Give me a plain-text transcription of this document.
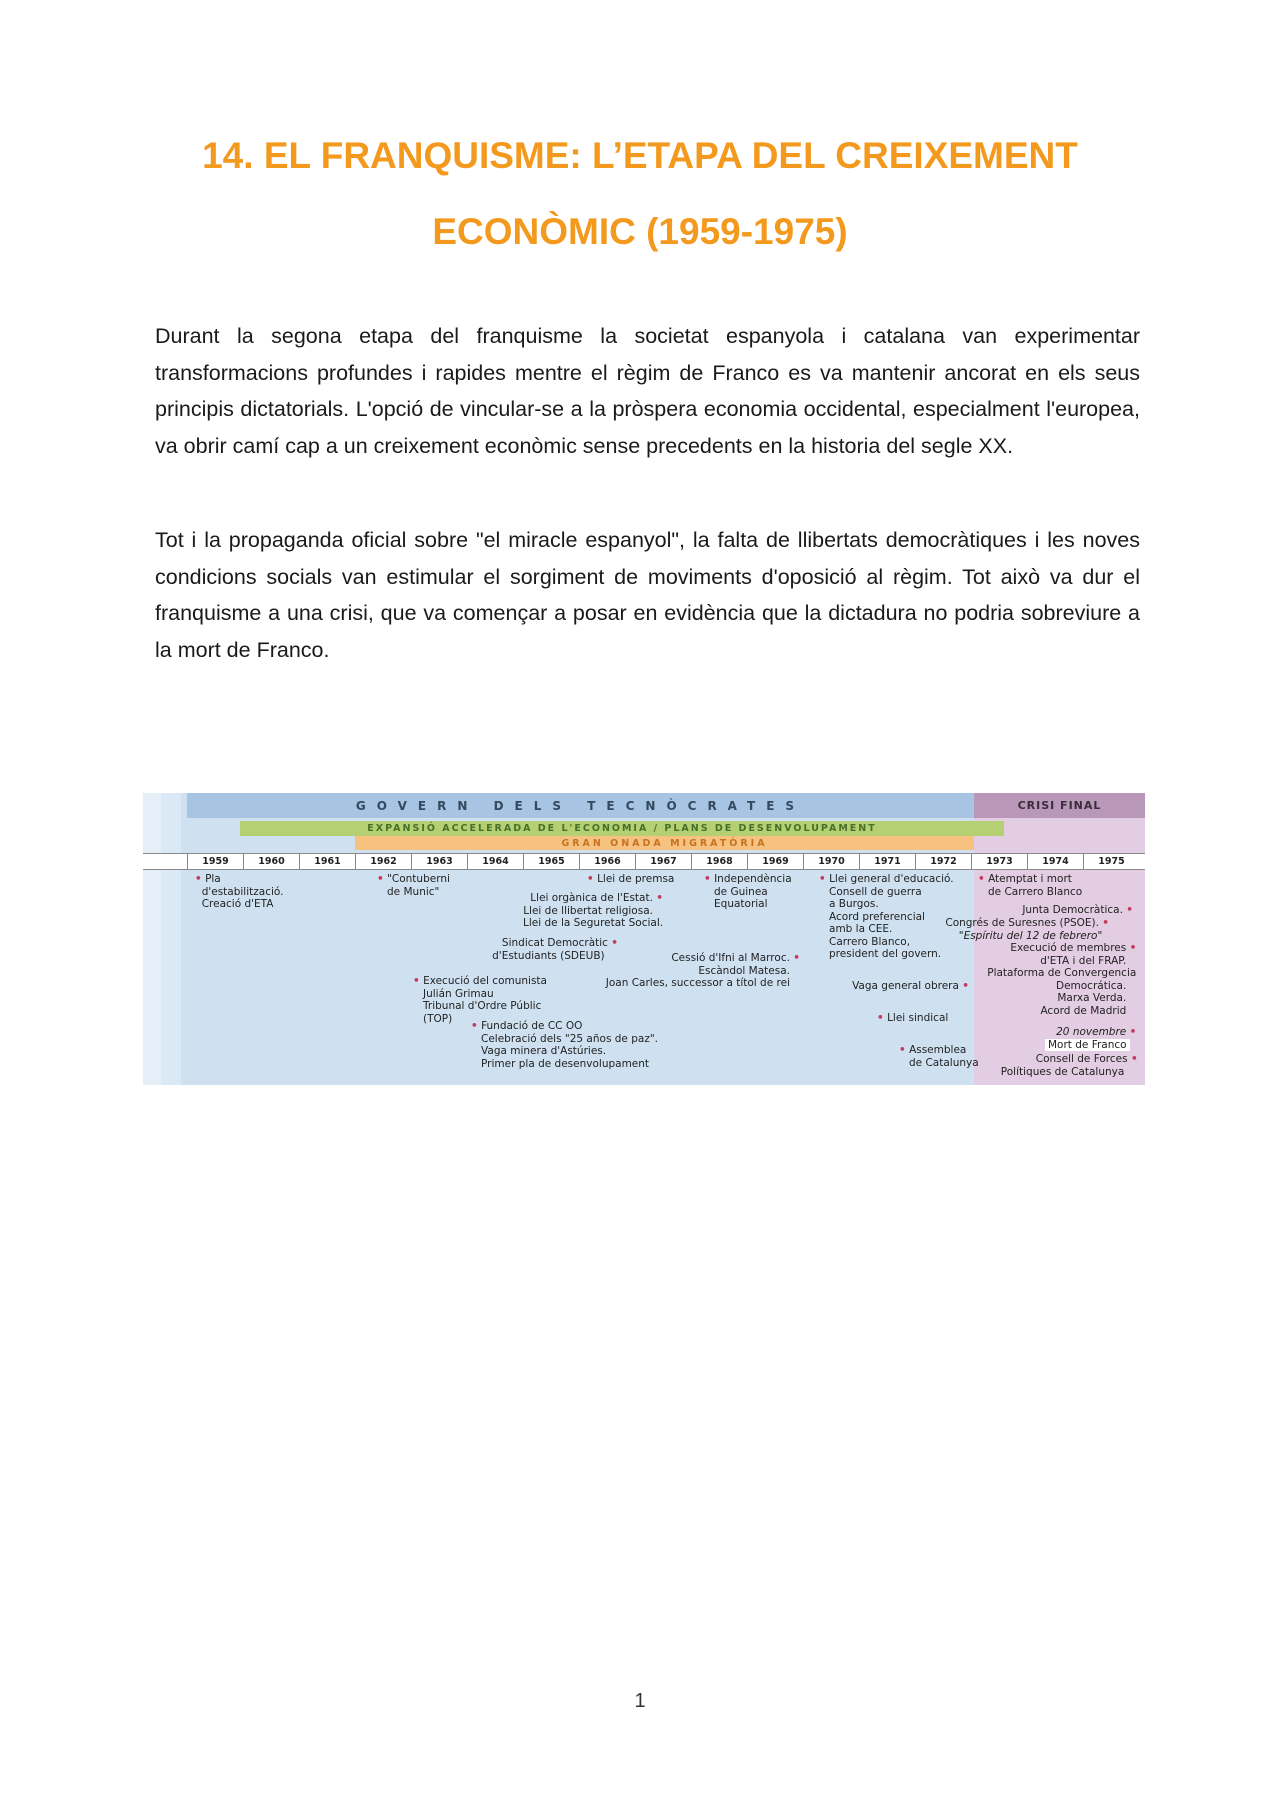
14. EL FRANQUISME: L’ETAPA DEL CREIXEMENT
ECONÒMIC (1959-1975)

Durant la segona etapa del franquisme la societat espanyola i catalana van experimentar transformacions profundes i rapides mentre el règim de Franco es va mantenir ancorat en els seus principis dictatorials. L'opció de vincular-se a la pròspera economia occidental, especialment l'europea, va obrir camí cap a un creixement econòmic sense precedents en la historia del segle XX.

Tot i la propaganda oficial sobre "el miracle espanyol", la falta de llibertats democràtiques i les noves condicions socials van estimular el sorgiment de moviments d'oposició al règim. Tot això va dur el franquisme a una crisi, que va començar a posar en evidència que la dictadura no podria sobreviure a la mort de Franco.

GOVERN DELS TECNÒCRATES	CRISI FINAL
EXPANSIÓ ACCELERADA DE L'ECONOMIA / PLANS DE DESENVOLUPAMENT
GRAN ONADA MIGRATÒRIA
1959	1960	1961	1962	1963	1964	1965	1966	1967	1968	1969	1970	1971	1972	1973	1974	1975
• Pla
d'estabilització.
Creació d'ETA
• "Contuberni
de Munic"
• Llei de premsa
Llei orgànica de l'Estat. •
Llei de llibertat religiosa.
Llei de la Seguretat Social.
• Independència
de Guinea
Equatorial
• Llei general d'educació.
Consell de guerra
a Burgos.
Acord preferencial
amb la CEE.
Carrero Blanco,
president del govern.
• Atemptat i mort
de Carrero Blanco
Junta Democràtica. •
Congrés de Suresnes (PSOE). •
"Espíritu del 12 de febrero"
Sindicat Democràtic •
d'Estudiants (SDEUB)	Cessió d'Ifni al Marroc. •
Escàndol Matesa.
Joan Carles, successor a títol de rei
• Execució del comunista
Julián Grimau
Tribunal d'Ordre Públic
(TOP)
• Fundació de CC OO
Celebració dels "25 años de paz".
Vaga minera d'Astúries.
Primer pla de desenvolupament
Execució de membres •
d'ETA i del FRAP.
Plataforma de Convergencia
Democrática.
Marxa Verda.
Acord de Madrid
Vaga general obrera •
• Llei sindical
20 novembre •
Mort de Franco
• Assemblea
de Catalunya	Consell de Forces •
Polítiques de Catalunya
1
